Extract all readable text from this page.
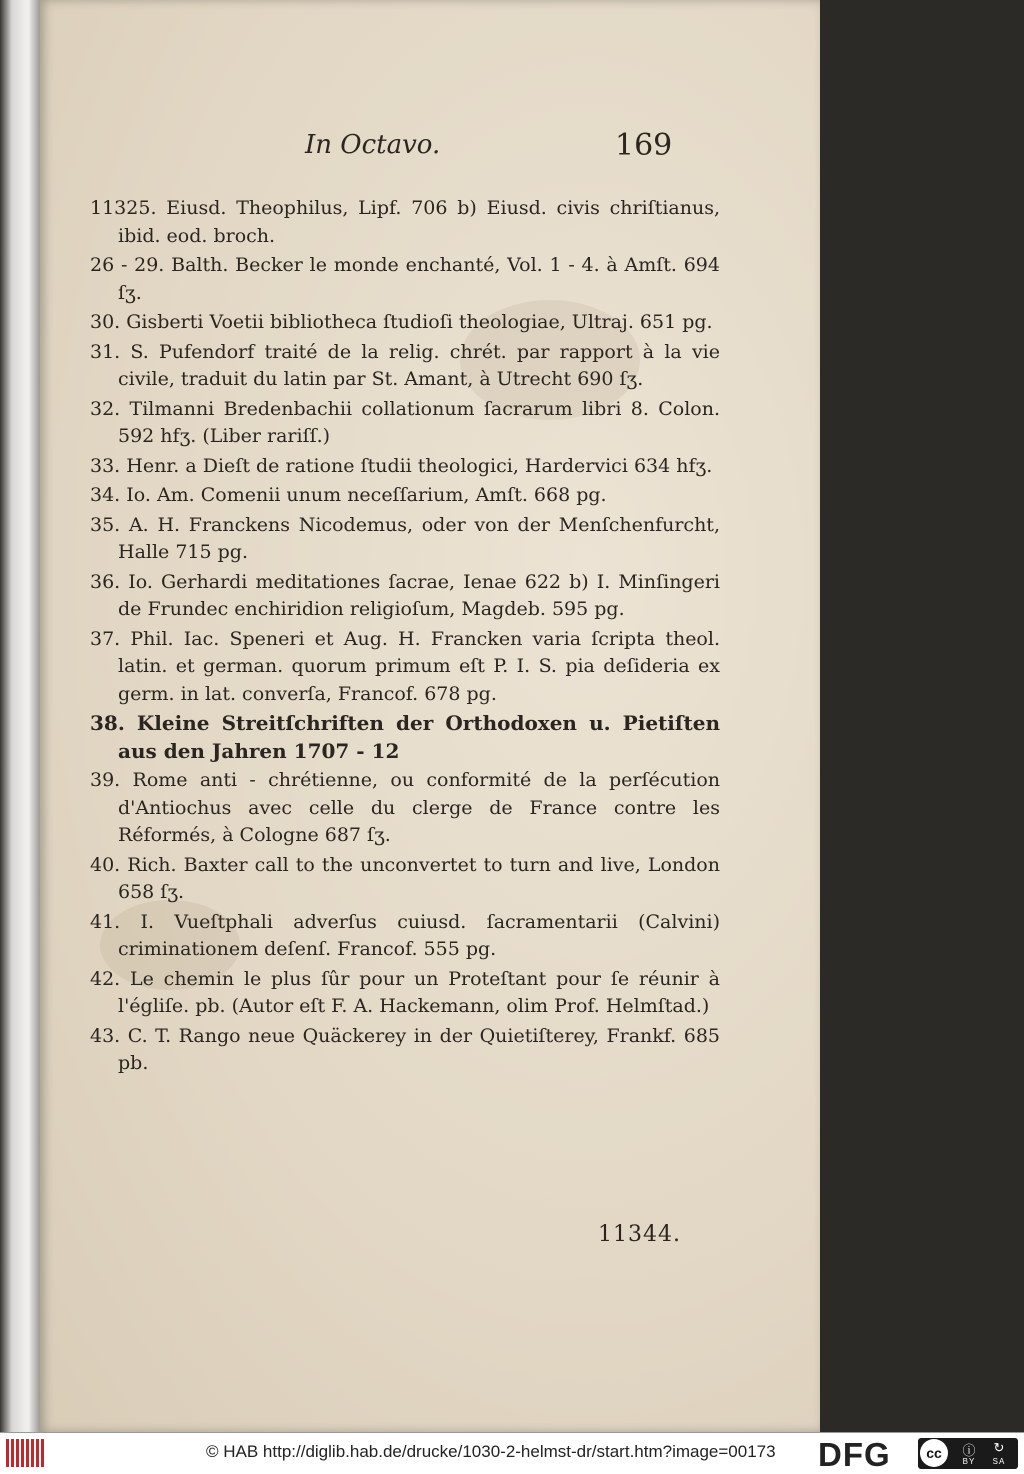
In Octavo.	169

11325. Eiusd. Theophilus, Lipf. 706 b) Eiusd. civis chriſtianus, ibid. eod. broch.

26 - 29. Balth. Becker le monde enchanté, Vol. 1 - 4. à Amſt. 694 ſʒ.

30. Gisberti Voetii bibliotheca ſtudioſi theologiae, Ultraj. 651 pg.

31. S. Pufendorf traité de la relig. chrét. par rapport à la vie civile, traduit du latin par St. Amant, à Utrecht 690 ſʒ.

32. Tilmanni Bredenbachii collationum ſacrarum libri 8. Colon. 592 hfʒ. (Liber rariſſ.)

33. Henr. a Dieſt de ratione ſtudii theologici, Hardervici 634 hfʒ.

34. Io. Am. Comenii unum neceſſarium, Amſt. 668 pg.

35. A. H. Franckens Nicodemus, oder von der Menſchenfurcht, Halle 715 pg.

36. Io. Gerhardi meditationes ſacrae, Ienae 622 b) I. Minſingeri de Frundec enchiridion religioſum, Magdeb. 595 pg.

37. Phil. Iac. Speneri et Aug. H. Francken varia ſcripta theol. latin. et german. quorum primum eſt P. I. S. pia deſideria ex germ. in lat. converſa, Francof. 678 pg.

38. Kleine Streitſchriften der Orthodoxen u. Pietiſten aus den Jahren 1707 - 12

39. Rome anti - chrétienne, ou conformité de la perſécution d'Antiochus avec celle du clerge de France contre les Réformés, à Cologne 687 ſʒ.

40. Rich. Baxter call to the unconvertet to turn and live, London 658 ſʒ.

41. I. Vueſtphali adverſus cuiusd. ſacramentarii (Calvini) criminationem deſenſ. Francof. 555 pg.

42. Le chemin le plus ſûr pour un Proteſtant pour ſe réunir à l'égliſe. pb. (Autor eſt F. A. Hackemann, olim Prof. Helmſtad.)

43. C. T. Rango neue Quäckerey in der Quietiſterey, Frankf. 685 pb.

11344.
© HAB http://diglib.hab.de/drucke/1030-2-helmst-dr/start.htm?image=00173 DFG	cc	ⓘ	↻
BY	SA
